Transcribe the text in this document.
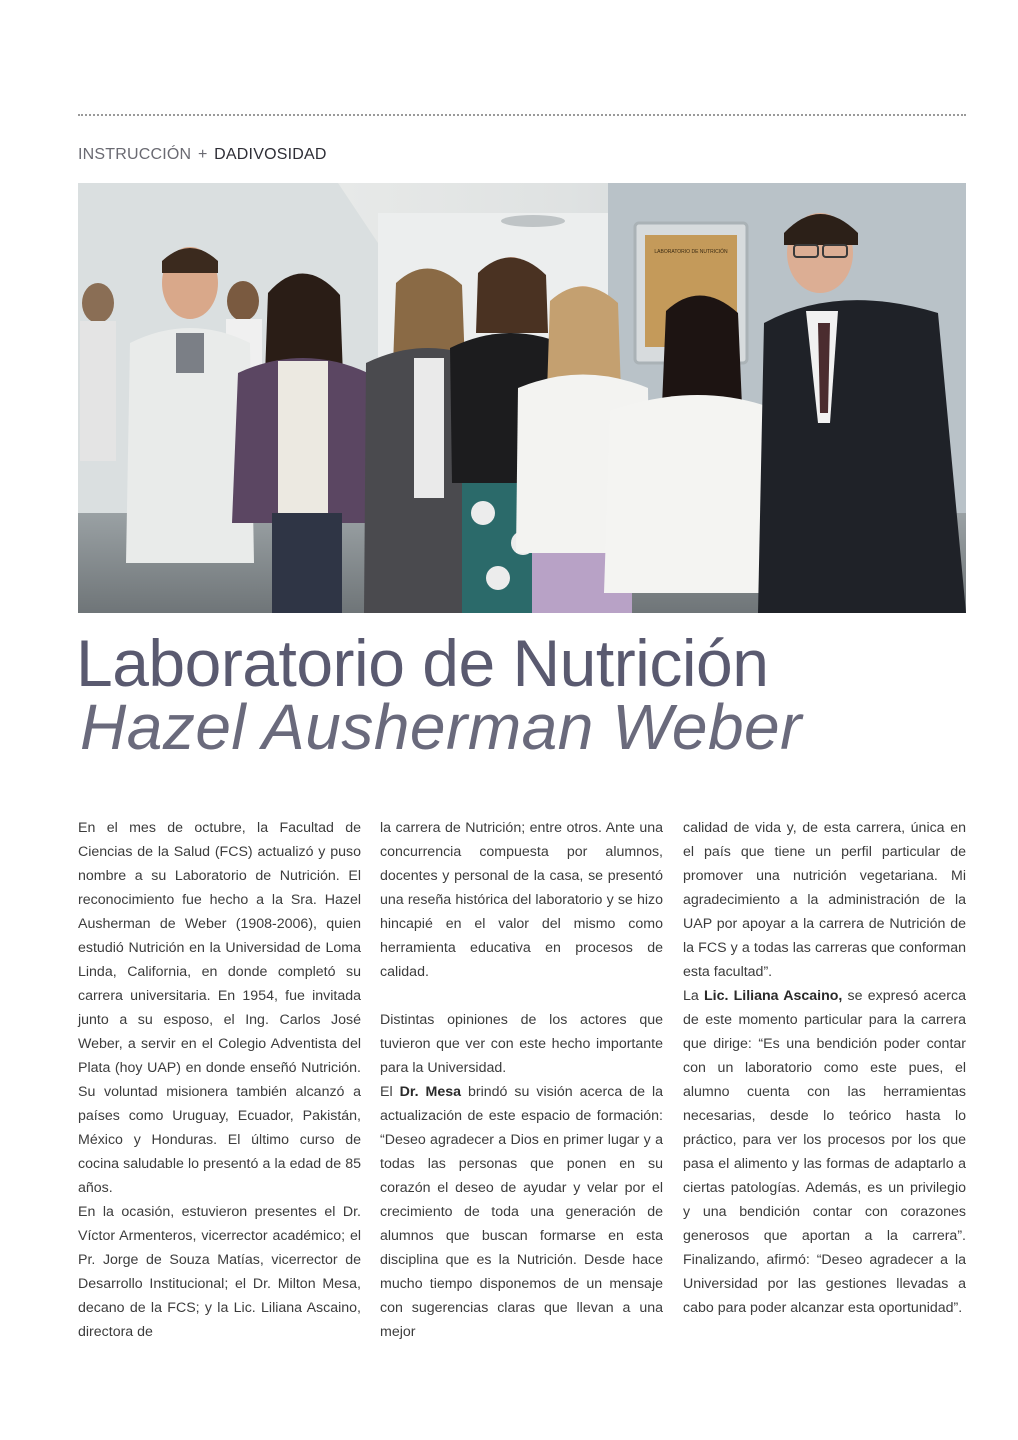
INSTRUCCIÓN + DADIVOSIDAD
LABORATORIO DE NUTRICIÓN
Laboratorio de Nutrición
Hazel Ausherman Weber

En el mes de octubre, la Facultad de Ciencias de la Salud (FCS) actualizó y puso nombre a su Laboratorio de Nutrición. El reconocimiento fue hecho a la Sra. Hazel Ausherman de Weber (1908-2006), quien estudió Nutrición en la Universidad de Loma Linda, California, en donde completó su carrera universitaria. En 1954, fue invitada junto a su esposo, el Ing. Carlos José Weber, a servir en el Colegio Adventista del Plata (hoy UAP) en donde enseñó Nutrición. Su voluntad misionera también alcanzó a países como Uruguay, Ecuador, Pakistán, México y Honduras. El último curso de cocina saludable lo presentó a la edad de 85 años.

En la ocasión, estuvieron presentes el Dr. Víctor Armenteros, vicerrector académico; el Pr. Jorge de Souza Matías, vicerrector de Desarrollo Institucional; el Dr. Milton Mesa, decano de la FCS; y la Lic. Liliana Ascaino, directora de

la carrera de Nutrición; entre otros. Ante una concurrencia compuesta por alumnos, docentes y personal de la casa, se presentó una reseña histórica del laboratorio y se hizo hincapié en el valor del mismo como herramienta educativa en procesos de calidad.

Distintas opiniones de los actores que tuvieron que ver con este hecho importante para la Universidad.

El Dr. Mesa brindó su visión acerca de la actualización de este espacio de formación: “Deseo agradecer a Dios en primer lugar y a todas las personas que ponen en su corazón el deseo de ayudar y velar por el crecimiento de toda una generación de alumnos que buscan formarse en esta disciplina que es la Nutrición. Desde hace mucho tiempo disponemos de un mensaje con sugerencias claras que llevan a una mejor

calidad de vida y, de esta carrera, única en el país que tiene un perfil particular de promover una nutrición vegetariana. Mi agradecimiento a la administración de la UAP por apoyar a la carrera de Nutrición de la FCS y a todas las carreras que conforman esta facultad”.

La Lic. Liliana Ascaino, se expresó acerca de este momento particular para la carrera que dirige: “Es una bendición poder contar con un laboratorio como este pues, el alumno cuenta con las herramientas necesarias, desde lo teórico hasta lo práctico, para ver los procesos por los que pasa el alimento y las formas de adaptarlo a ciertas patologías. Además, es un privilegio y una bendición contar con corazones generosos que aportan a la carrera”. Finalizando, afirmó: “Deseo agradecer a la Universidad por las gestiones llevadas a cabo para poder alcanzar esta oportunidad”.
